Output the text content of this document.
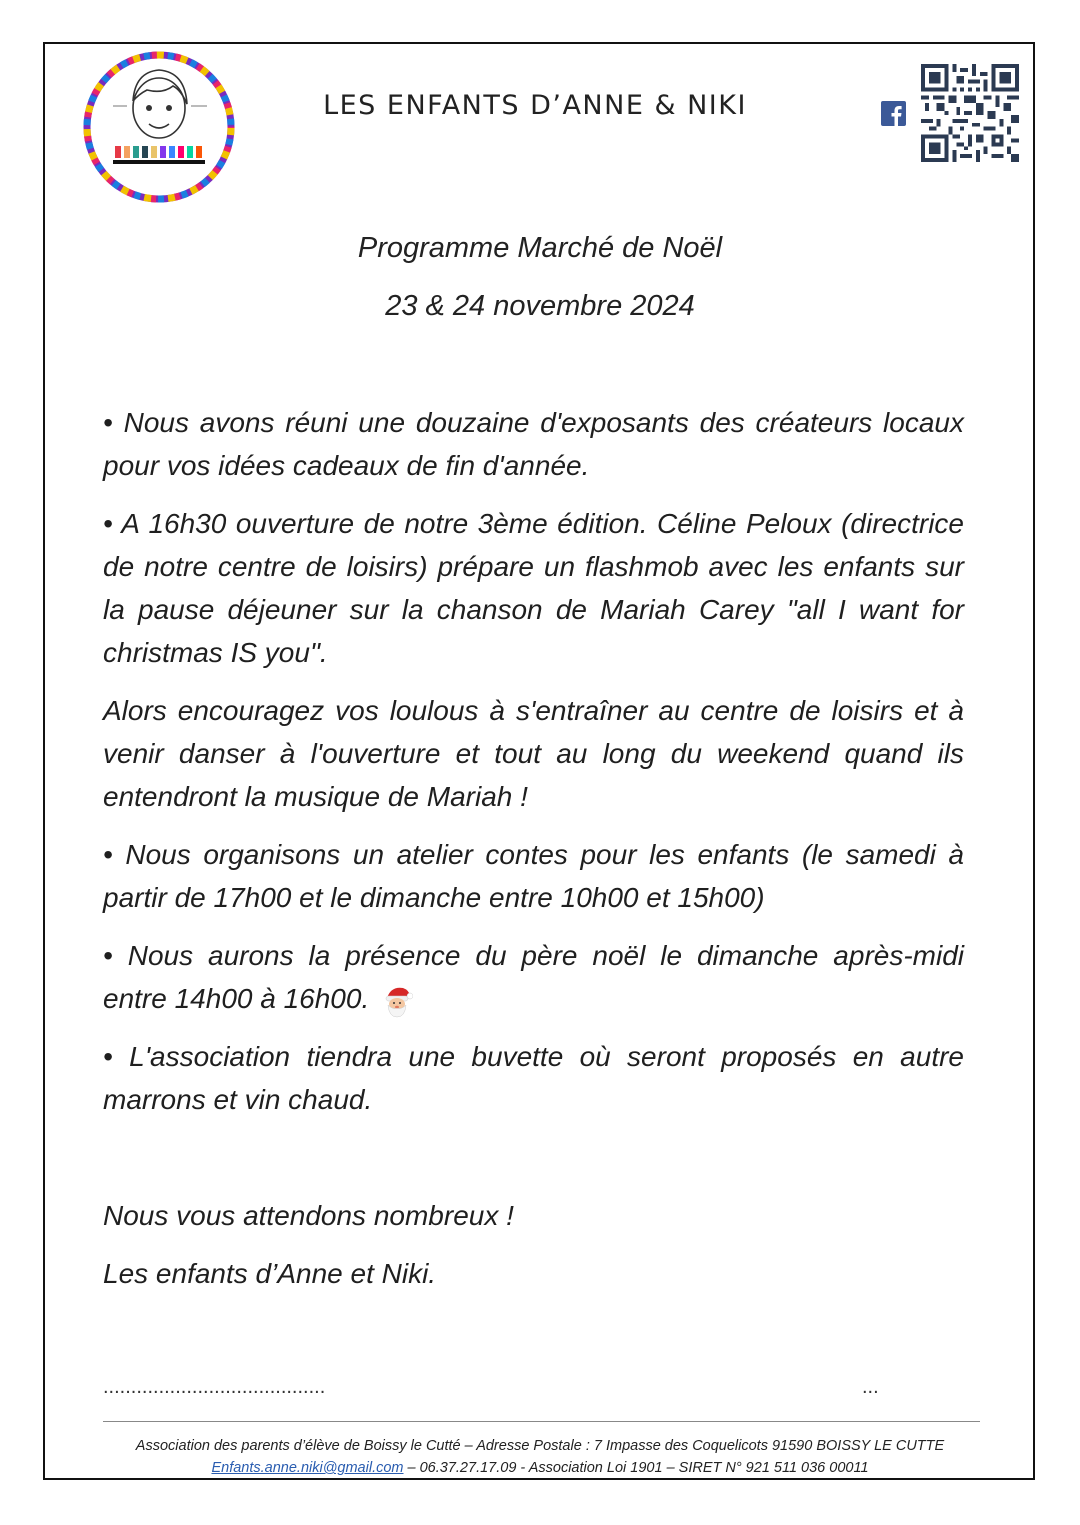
LES ENFANTS D’ANNE & NIKI
Programme Marché de Noël
23 & 24 novembre 2024

• Nous avons réuni une douzaine d'exposants des créateurs locaux pour vos idées cadeaux de fin d'année.

• A 16h30 ouverture de notre 3ème édition. Céline Peloux (directrice de notre centre de loisirs) prépare un flashmob avec les enfants sur la pause déjeuner sur la chanson de Mariah Carey "all I want for christmas IS you".

Alors encouragez vos loulous à s'entraîner au centre de loisirs et à venir danser à l'ouverture et tout au long du weekend quand ils entendront la musique de Mariah !

• Nous organisons un atelier contes pour les enfants (le samedi à partir de 17h00 et le dimanche entre 10h00 et 15h00)

• Nous aurons la présence du père noël le dimanche après-midi entre 14h00 à 16h00.

• L'association tiendra une buvette où seront proposés en autre marrons et vin chaud.

Nous vous attendons nombreux !
Les enfants d’Anne et Niki.
........................................	...
Association des parents d’élève de Boissy le Cutté – Adresse Postale : 7 Impasse des Coquelicots 91590 BOISSY LE CUTTE
Enfants.anne.niki@gmail.com – 06.37.27.17.09 - Association Loi 1901 – SIRET N° 921 511 036 00011
